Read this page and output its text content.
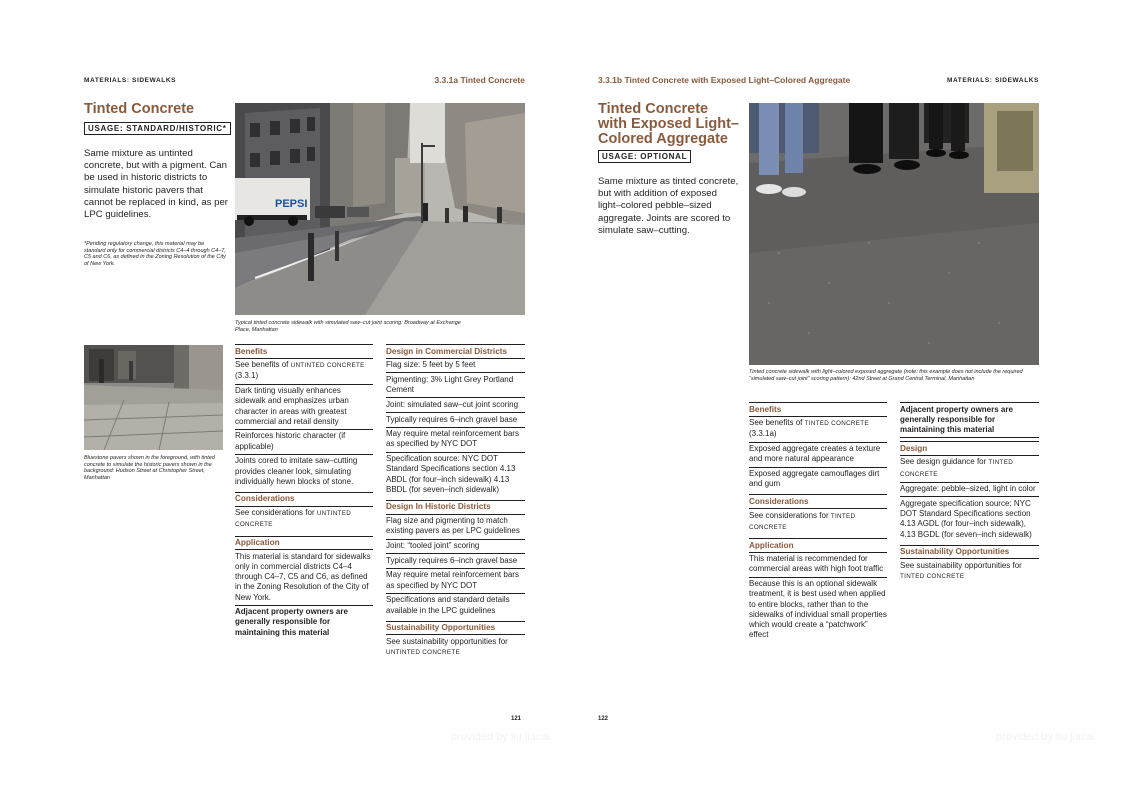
MATERIALS: SIDEWALKS	3.3.1a Tinted Concrete
Tinted Concrete
USAGE: STANDARD/HISTORIC*
Same mixture as untinted concrete, but with a pigment. Can be used in historic districts to simulate historic pavers that cannot be replaced in kind, as per LPC guidelines.
*Pending regulatory change, this material may be standard only for commercial districts C4–4 through C4–7, C5 and C6, as defined in the Zoning Resolution of the City of New York.
PEPSI
Typical tinted concrete sidewalk with simulated saw–cut joint scoring: Broadway at Exchange Place, Manhattan
Bluestone pavers shown in the foreground, with tinted concrete to simulate the historic pavers shown in the background: Hudson Street at Christopher Street, Manhattan
Benefits
See benefits of UNTINTED CONCRETE
(3.3.1)
Dark tinting visually enhances sidewalk and emphasizes urban character in areas with greatest commercial and retail density
Reinforces historic character (if applicable)
Joints cored to imitate saw–cutting provides cleaner look, simulating individually hewn blocks of stone.
Considerations
See considerations for UNTINTED CONCRETE
Application
This material is standard for sidewalks only in commercial districts C4–4 through C4–7, C5 and C6, as defined in the Zoning Resolution of the City of New York.
Adjacent property owners are generally responsible for maintaining this material
Design in Commercial Districts
Flag size: 5 feet by 5 feet
Pigmenting: 3% Light Grey Portland Cement
Joint: simulated saw–cut joint scoring
Typically requires 6–inch gravel base
May require metal reinforcement bars as specified by NYC DOT
Specification source: NYC DOT Standard Specifications section 4.13 ABDL (for four–inch sidewalk) 4.13 BBDL (for seven–inch sidewalk)
Design In Historic Districts
Flag size and pigmenting to match existing pavers as per LPC guidelines
Joint: “tooled joint” scoring
Typically requires 6–inch gravel base
May require metal reinforcement bars as specified by NYC DOT
Specifications and standard details available in the LPC guidelines
Sustainability Opportunities
See sustainability opportunities for
UNTINTED CONCRETE
121
provided by liu jiacai
3.3.1b Tinted Concrete with Exposed Light–Colored Aggregate	MATERIALS: SIDEWALKS
Tinted Concrete
with Exposed Light–
Colored Aggregate
USAGE: OPTIONAL
Same mixture as tinted concrete, but with addition of exposed light–colored pebble–sized aggregate. Joints are scored to simulate saw–cutting.
Tinted concrete sidewalk with light–colored exposed aggregate (note: this example does not include the required “simulated saw–cut joint” scoring pattern): 42nd Street at Grand Central Terminal, Manhattan
Benefits
See benefits of TINTED CONCRETE
(3.3.1a)
Exposed aggregate creates a texture and more natural appearance
Exposed aggregate camouflages dirt and gum
Considerations
See considerations for TINTED CONCRETE
Application
This material is recommended for commercial areas with high foot traffic
Because this is an optional sidewalk treatment, it is best used when applied to entire blocks, rather than to the sidewalks of individual small properties which would create a “patchwork” effect
Adjacent property owners are generally responsible for maintaining this material
Design
See design guidance for TINTED CONCRETE
Aggregate: pebble–sized, light in color
Aggregate specification source: NYC DOT Standard Specifications section 4.13 AGDL (for four–inch sidewalk), 4.13 BGDL (for seven–inch sidewalk)
Sustainability Opportunities
See sustainability opportunities for
TINTED CONCRETE
122
provided by liu jiacai
